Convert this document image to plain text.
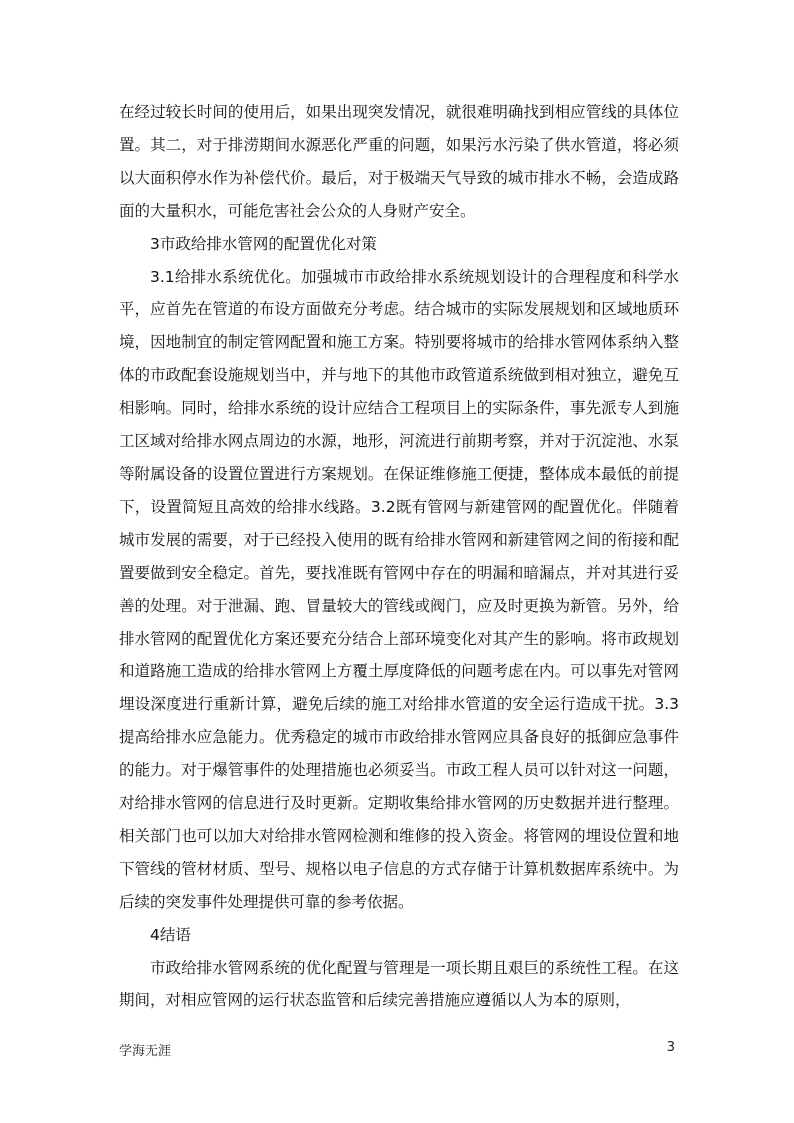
在经过较长时间的使用后，如果出现突发情况，就很难明确找到相应管线的具体位置。其二，对于排涝期间水源恶化严重的问题，如果污水污染了供水管道，将必须以大面积停水作为补偿代价。最后，对于极端天气导致的城市排水不畅，会造成路面的大量积水，可能危害社会公众的人身财产安全。

3市政给排水管网的配置优化对策

3.1给排水系统优化。加强城市市政给排水系统规划设计的合理程度和科学水平，应首先在管道的布设方面做充分考虑。结合城市的实际发展规划和区域地质环境，因地制宜的制定管网配置和施工方案。特别要将城市的给排水管网体系纳入整体的市政配套设施规划当中，并与地下的其他市政管道系统做到相对独立，避免互相影响。同时，给排水系统的设计应结合工程项目上的实际条件，事先派专人到施工区域对给排水网点周边的水源，地形，河流进行前期考察，并对于沉淀池、水泵等附属设备的设置位置进行方案规划。在保证维修施工便捷，整体成本最低的前提下，设置简短且高效的给排水线路。3.2既有管网与新建管网的配置优化。伴随着城市发展的需要，对于已经投入使用的既有给排水管网和新建管网之间的衔接和配置要做到安全稳定。首先，要找准既有管网中存在的明漏和暗漏点，并对其进行妥善的处理。对于泄漏、跑、冒量较大的管线或阀门，应及时更换为新管。另外，给排水管网的配置优化方案还要充分结合上部环境变化对其产生的影响。将市政规划和道路施工造成的给排水管网上方覆土厚度降低的问题考虑在内。可以事先对管网埋设深度进行重新计算，避免后续的施工对给排水管道的安全运行造成干扰。3.3提高给排水应急能力。优秀稳定的城市市政给排水管网应具备良好的抵御应急事件的能力。对于爆管事件的处理措施也必须妥当。市政工程人员可以针对这一问题，对给排水管网的信息进行及时更新。定期收集给排水管网的历史数据并进行整理。相关部门也可以加大对给排水管网检测和维修的投入资金。将管网的埋设位置和地下管线的管材材质、型号、规格以电子信息的方式存储于计算机数据库系统中。为后续的突发事件处理提供可靠的参考依据。

4结语

市政给排水管网系统的优化配置与管理是一项长期且艰巨的系统性工程。在这期间，对相应管网的运行状态监管和后续完善措施应遵循以人为本的原则，

学海无涯	3
